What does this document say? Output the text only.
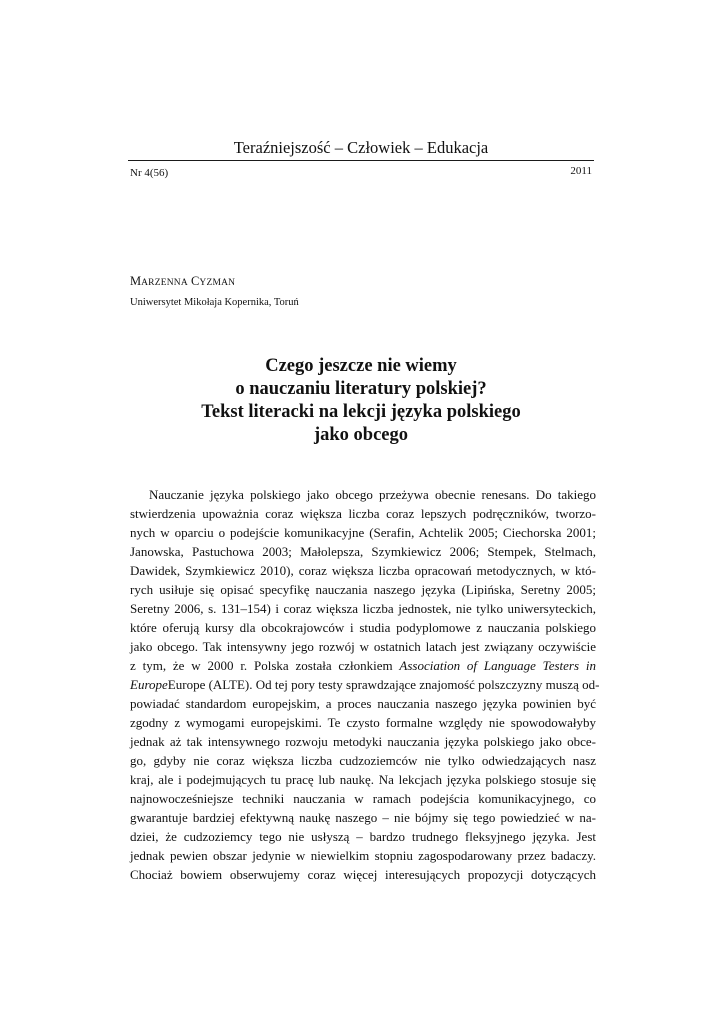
Teraźniejszość – Człowiek – Edukacja
Nr 4(56)	2011
MARZENNA CYZMAN
Uniwersytet Mikołaja Kopernika, Toruń
Czego jeszcze nie wiemy
o nauczaniu literatury polskiej?
Tekst literacki na lekcji języka polskiego
jako obcego
Nauczanie języka polskiego jako obcego przeżywa obecnie renesans. Do takiego
stwierdzenia upoważnia coraz większa liczba coraz lepszych podręczników, tworzo-
nych w oparciu o podejście komunikacyjne (Serafin, Achtelik 2005; Ciechorska 2001;
Janowska, Pastuchowa 2003; Małolepsza, Szymkiewicz 2006; Stempek, Stelmach,
Dawidek, Szymkiewicz 2010), coraz większa liczba opracowań metodycznych, w któ-
rych usiłuje się opisać specyfikę nauczania naszego języka (Lipińska, Seretny 2005;
Seretny 2006, s. 131–154) i coraz większa liczba jednostek, nie tylko uniwersyteckich,
które oferują kursy dla obcokrajowców i studia podyplomowe z nauczania polskiego
jako obcego. Tak intensywny jego rozwój w ostatnich latach jest związany oczywiście
z tym, że w 2000 r. Polska została członkiem Association of Language Testers in
EuropeEurope (ALTE). Od tej pory testy sprawdzające znajomość polszczyzny muszą od-
powiadać standardom europejskim, a proces nauczania naszego języka powinien być
zgodny z wymogami europejskimi. Te czysto formalne względy nie spowodowałyby
jednak aż tak intensywnego rozwoju metodyki nauczania języka polskiego jako obce-
go, gdyby nie coraz większa liczba cudzoziemców nie tylko odwiedzających nasz
kraj, ale i podejmujących tu pracę lub naukę. Na lekcjach języka polskiego stosuje się
najnowocześniejsze techniki nauczania w ramach podejścia komunikacyjnego, co
gwarantuje bardziej efektywną naukę naszego – nie bójmy się tego powiedzieć w na-
dziei, że cudzoziemcy tego nie usłyszą – bardzo trudnego fleksyjnego języka. Jest
jednak pewien obszar jedynie w niewielkim stopniu zagospodarowany przez badaczy.
Chociaż bowiem obserwujemy coraz więcej interesujących propozycji dotyczących
